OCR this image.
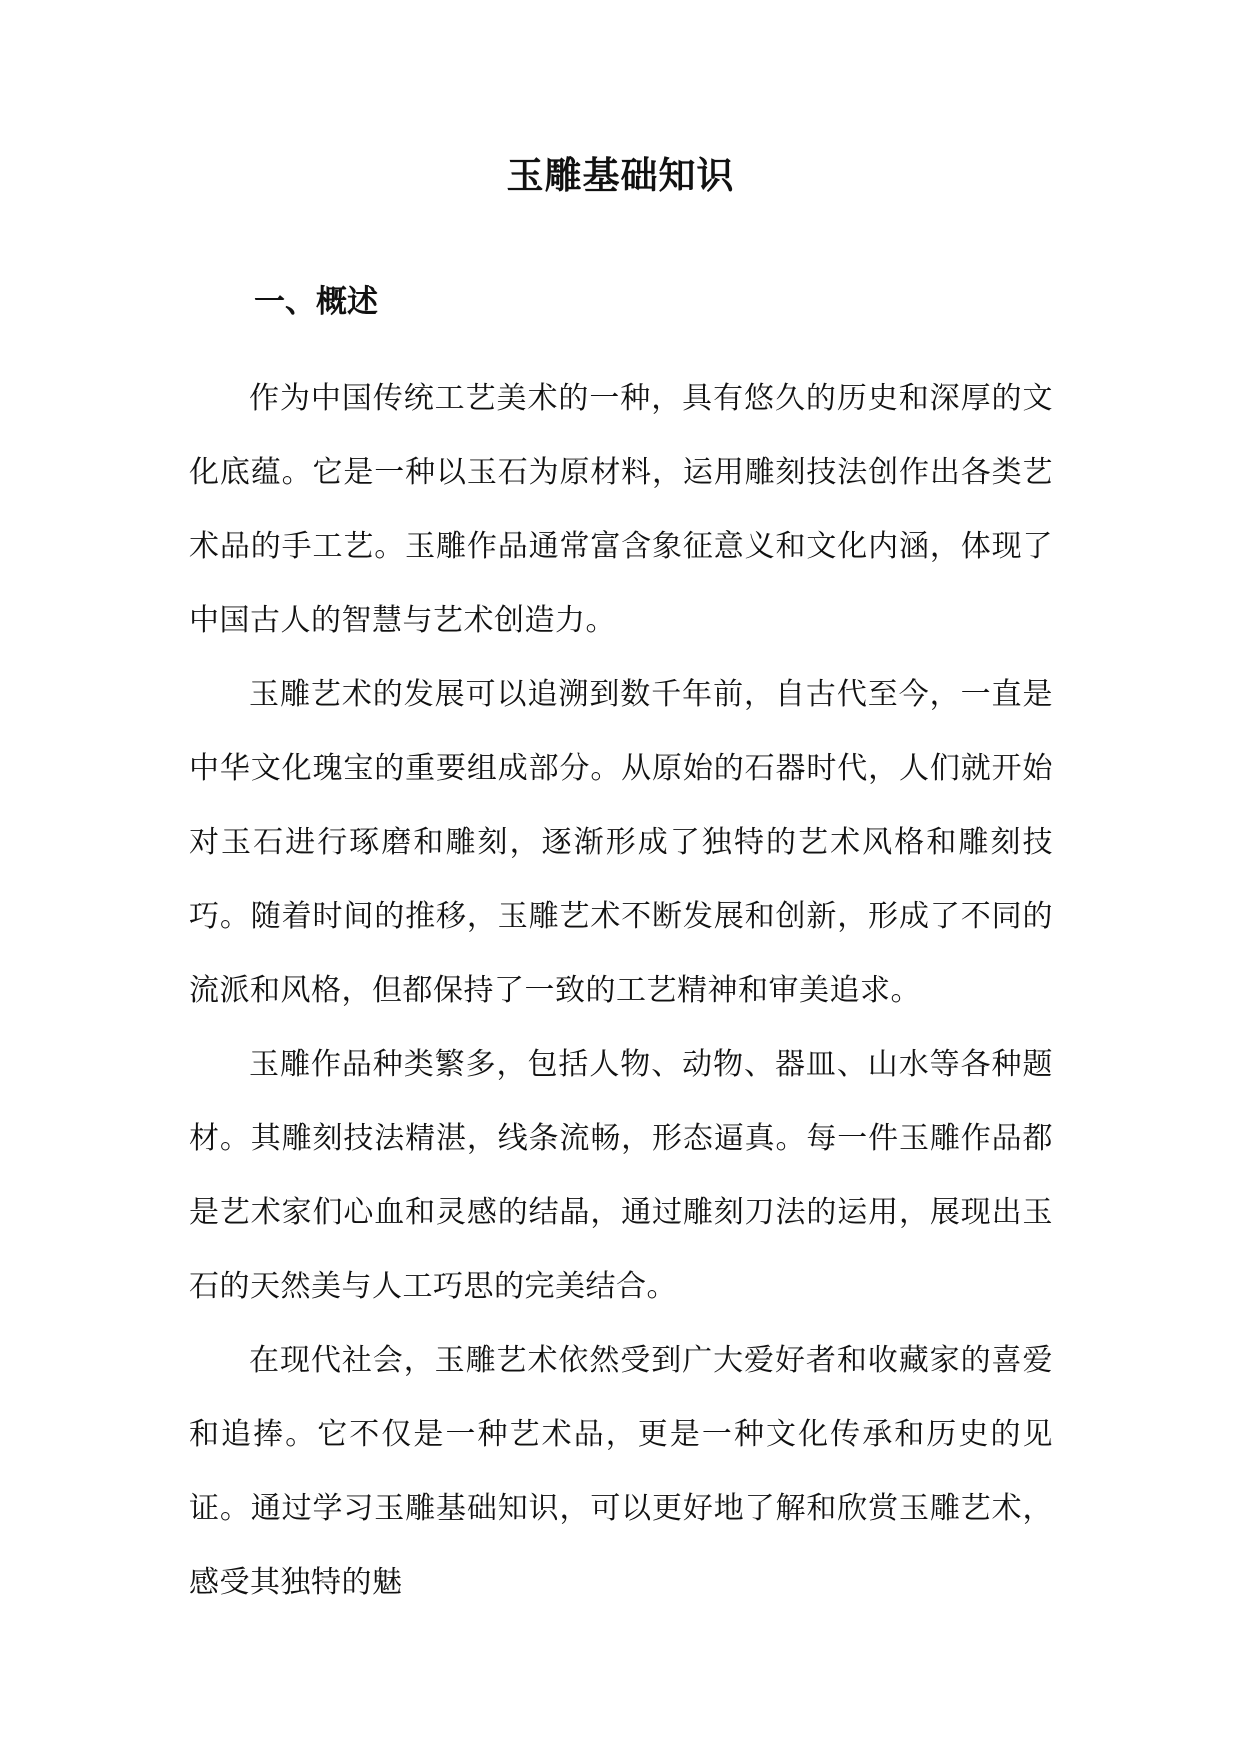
玉雕基础知识
一、概述

作为中国传统工艺美术的一种，具有悠久的历史和深厚的文化底蕴。它是一种以玉石为原材料，运用雕刻技法创作出各类艺术品的手工艺。玉雕作品通常富含象征意义和文化内涵，体现了中国古人的智慧与艺术创造力。

玉雕艺术的发展可以追溯到数千年前，自古代至今，一直是中华文化瑰宝的重要组成部分。从原始的石器时代，人们就开始对玉石进行琢磨和雕刻，逐渐形成了独特的艺术风格和雕刻技巧。随着时间的推移，玉雕艺术不断发展和创新，形成了不同的流派和风格，但都保持了一致的工艺精神和审美追求。

玉雕作品种类繁多，包括人物、动物、器皿、山水等各种题材。其雕刻技法精湛，线条流畅，形态逼真。每一件玉雕作品都是艺术家们心血和灵感的结晶，通过雕刻刀法的运用，展现出玉石的天然美与人工巧思的完美结合。

在现代社会，玉雕艺术依然受到广大爱好者和收藏家的喜爱和追捧。它不仅是一种艺术品，更是一种文化传承和历史的见证。通过学习玉雕基础知识，可以更好地了解和欣赏玉雕艺术，感受其独特的魅
